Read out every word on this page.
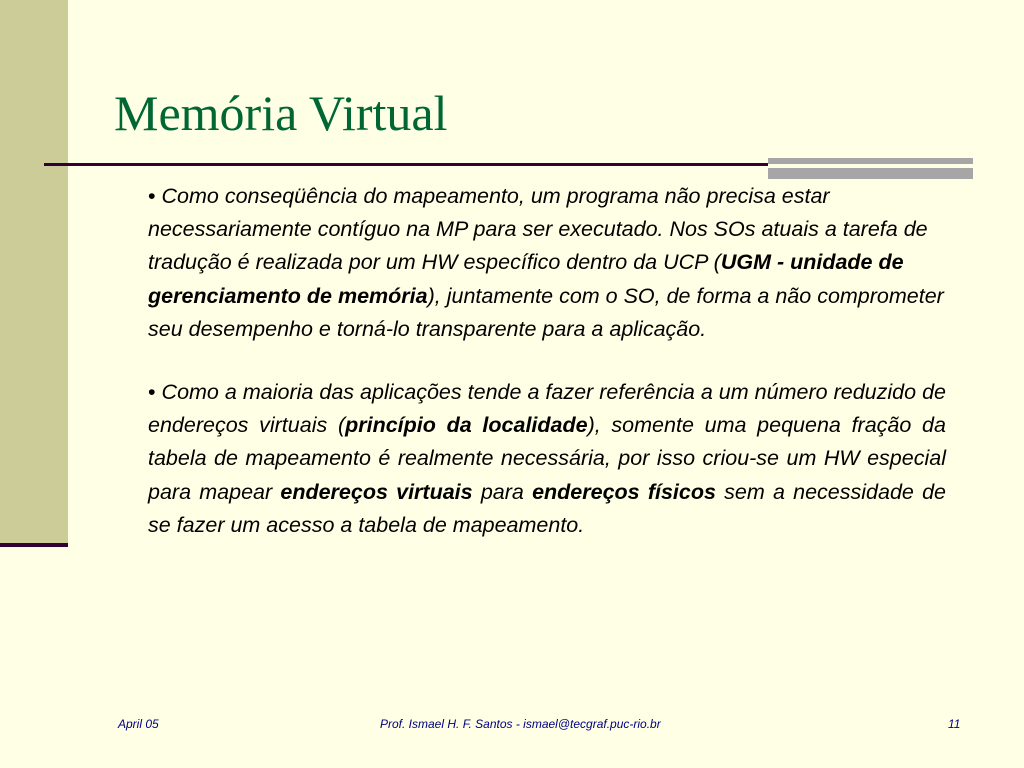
Memória Virtual

• Como conseqüência do mapeamento, um programa não precisa estar necessariamente contíguo na MP para ser executado. Nos SOs atuais a tarefa de tradução é realizada por um HW específico dentro da UCP (UGM - unidade de gerenciamento de memória), juntamente com o SO, de forma a não comprometer seu desempenho e torná-lo transparente para a aplicação.

• Como a maioria das aplicações tende a fazer referência a um número reduzido de endereços virtuais (princípio da localidade), somente uma pequena fração da tabela de mapeamento é realmente necessária, por isso criou-se um HW especial para mapear endereços virtuais para endereços físicos sem a necessidade de se fazer um acesso a tabela de mapeamento.

April 05	Prof. Ismael H. F. Santos - ismael@tecgraf.puc-rio.br	11
